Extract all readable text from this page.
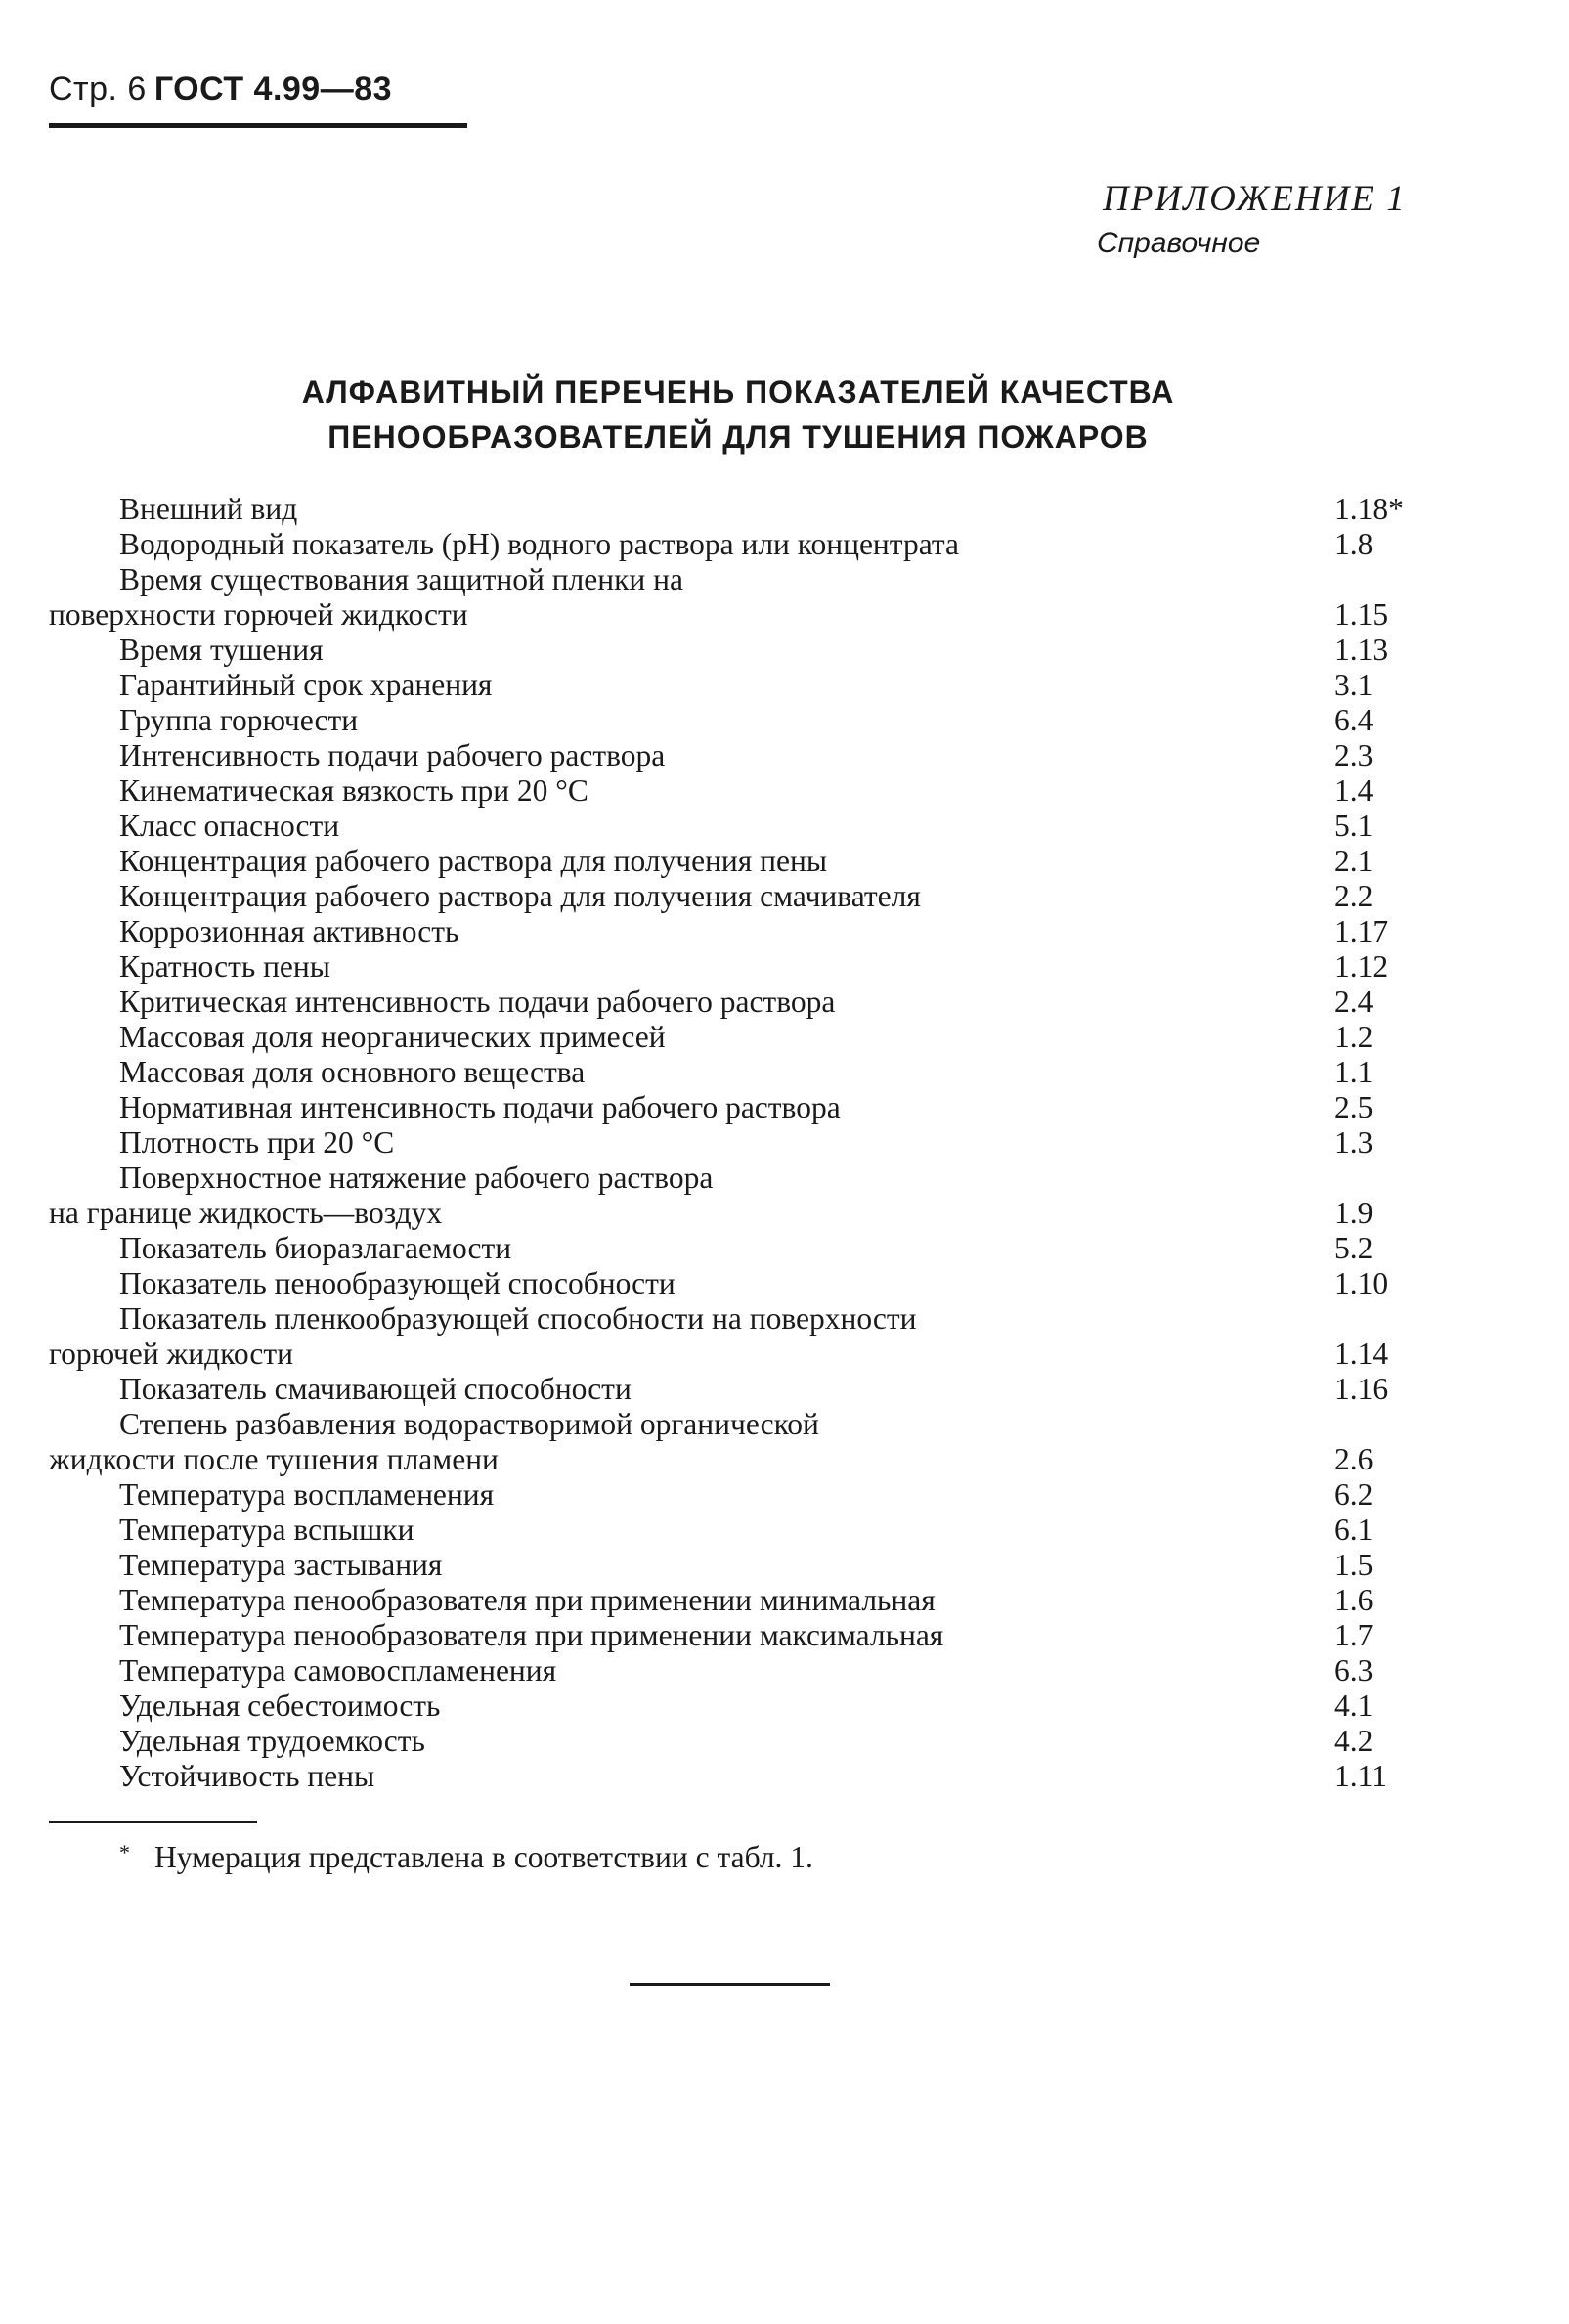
Стр. 6 ГОСТ 4.99—83
ПРИЛОЖЕНИЕ 1
Справочное
АЛФАВИТНЫЙ ПЕРЕЧЕНЬ ПОКАЗАТЕЛЕЙ КАЧЕСТВА
ПЕНООБРАЗОВАТЕЛЕЙ ДЛЯ ТУШЕНИЯ ПОЖАРОВ
Внешний вид	1.18*
Водородный показатель (pH) водного раствора или концентрата	1.8
Время существования защитной пленки на
поверхности горючей жидкости	1.15
Время тушения	1.13
Гарантийный срок хранения	3.1
Группа горючести	6.4
Интенсивность подачи рабочего раствора	2.3
Кинематическая вязкость при 20 °С	1.4
Класс опасности	5.1
Концентрация рабочего раствора для получения пены	2.1
Концентрация рабочего раствора для получения смачивателя	2.2
Коррозионная активность	1.17
Кратность пены	1.12
Критическая интенсивность подачи рабочего раствора	2.4
Массовая доля неорганических примесей	1.2
Массовая доля основного вещества	1.1
Нормативная интенсивность подачи рабочего раствора	2.5
Плотность при 20 °С	1.3
Поверхностное натяжение рабочего раствора
на границе жидкость—воздух	1.9
Показатель биоразлагаемости	5.2
Показатель пенообразующей способности	1.10
Показатель пленкообразующей способности на поверхности
горючей жидкости	1.14
Показатель смачивающей способности	1.16
Степень разбавления водорастворимой органической
жидкости после тушения пламени	2.6
Температура воспламенения	6.2
Температура вспышки	6.1
Температура застывания	1.5
Температура пенообразователя при применении минимальная	1.6
Температура пенообразователя при применении максимальная	1.7
Температура самовоспламенения	6.3
Удельная себестоимость	4.1
Удельная трудоемкость	4.2
Устойчивость пены	1.11
* Нумерация представлена в соответствии с табл. 1.
